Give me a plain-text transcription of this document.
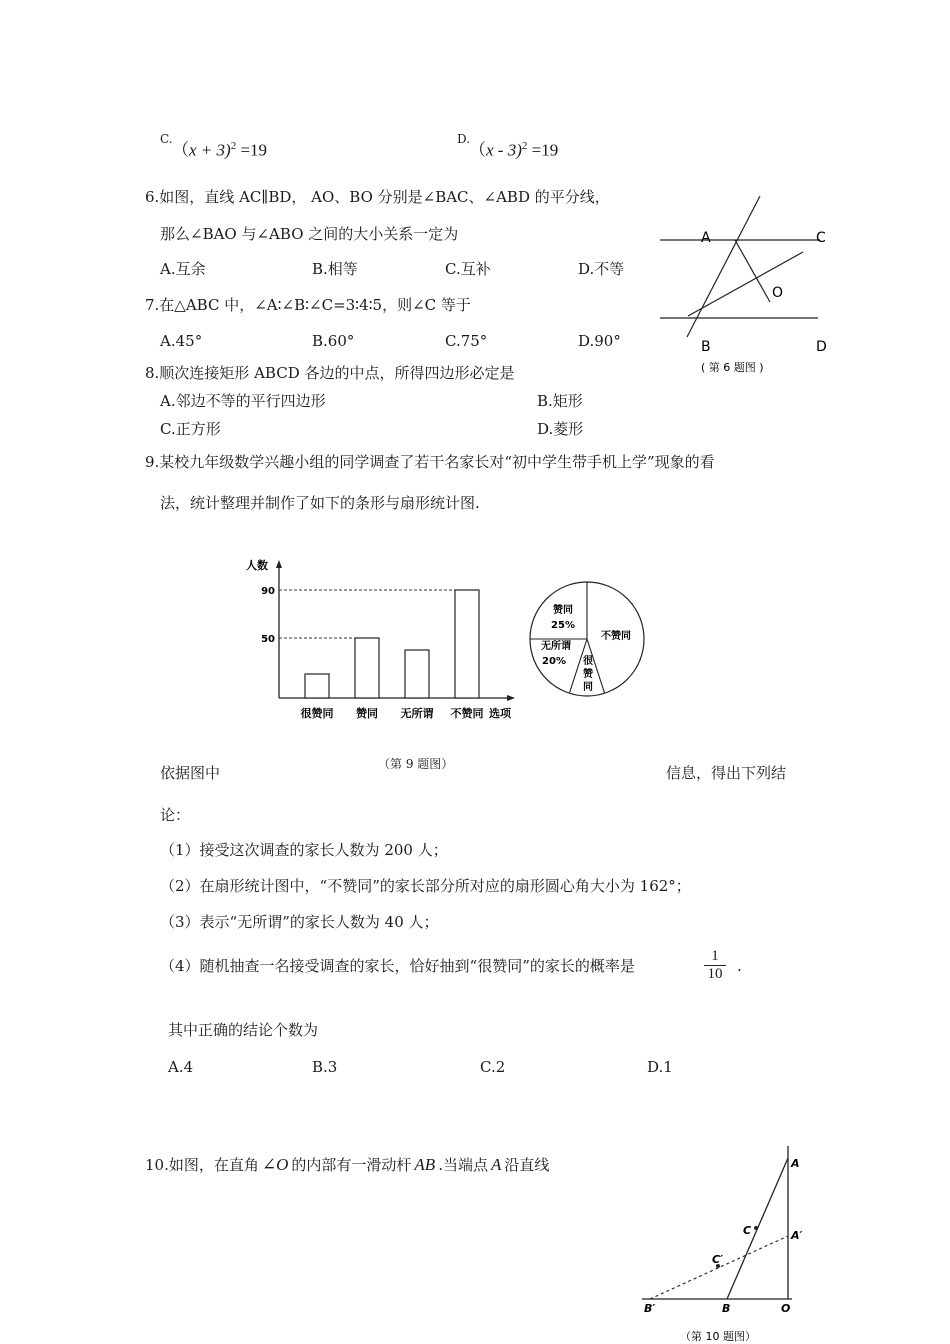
C.
（x + 3)$^2$ =19
D.
（x - 3)$^2$ =19
6.如图，直线 AC∥BD， AO、BO 分别是∠BAC、∠ABD 的平分线，
那么∠BAO 与∠ABO 之间的大小关系一定为
A.互余	B.相等	C.互补	D.不等
A	C
O
B	D
( 第 6 题图 )
7.在△ABC 中，∠A∶∠B∶∠C=3∶4∶5，则∠C 等于
A.45°	B.60°	C.75°	D.90°
8.顺次连接矩形 ABCD 各边的中点，所得四边形必定是
A.邻边不等的平行四边形	B.矩形
C.正方形	D.菱形
9.某校九年级数学兴趣小组的同学调查了若干名家长对“初中学生带手机上学”现象的看
法，统计整理并制作了如下的条形与扇形统计图.
人数
选项
90
50
很赞同 赞同 无所谓 不赞同
赞同
25%
无所谓
20%
不赞同
很赞同
（第 9 题图）
依据图中	信息，得出下列结
论：
（1）接受这次调查的家长人数为 200 人；
（2）在扇形统计图中，“不赞同”的家长部分所对应的扇形圆心角大小为 162°；
（3）表示“无所谓”的家长人数为 40 人；
（4）随机抽查一名接受调查的家长，恰好抽到“很赞同”的家长的概率是	$\frac{1}{10}$ .
其中正确的结论个数为
A.4	B.3	C.2	D.1
10.如图，在直角 ∠O 的内部有一滑动杆 AB .当端点 A 沿直线	A
C	A′
C′
B′	B	O
（第 10 题图）
